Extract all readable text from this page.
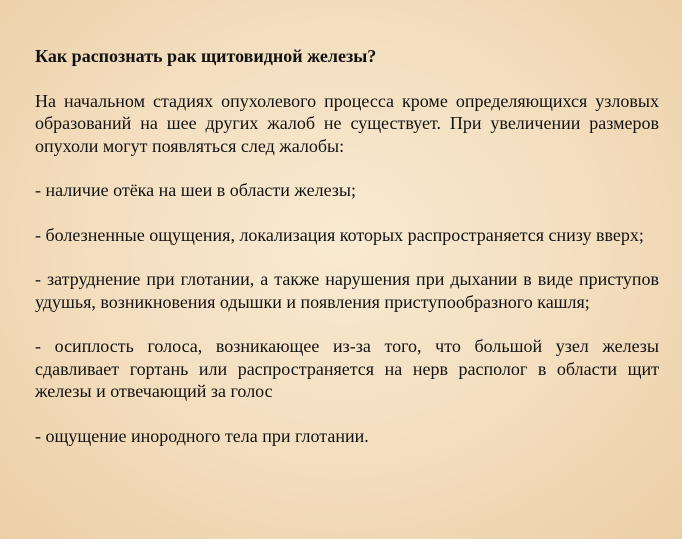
Как распознать рак щитовидной железы?
На начальном стадиях опухолевого процесса кроме определяющихся узловых образований на шее других жалоб не существует. При увеличении размеров опухоли могут появляться след жалобы:
- наличие отёка на шеи в области железы;
- болезненные ощущения, локализация которых распространяется снизу вверх;
- затруднение при глотании, а также нарушения при дыхании в виде приступов удушья, возникновения одышки и появления приступообразного кашля;
- осиплость голоса, возникающее из-за того, что большой узел железы сдавливает гортань или распространяется на нерв располог в области щит железы и отвечающий за голос
- ощущение инородного тела при глотании.
